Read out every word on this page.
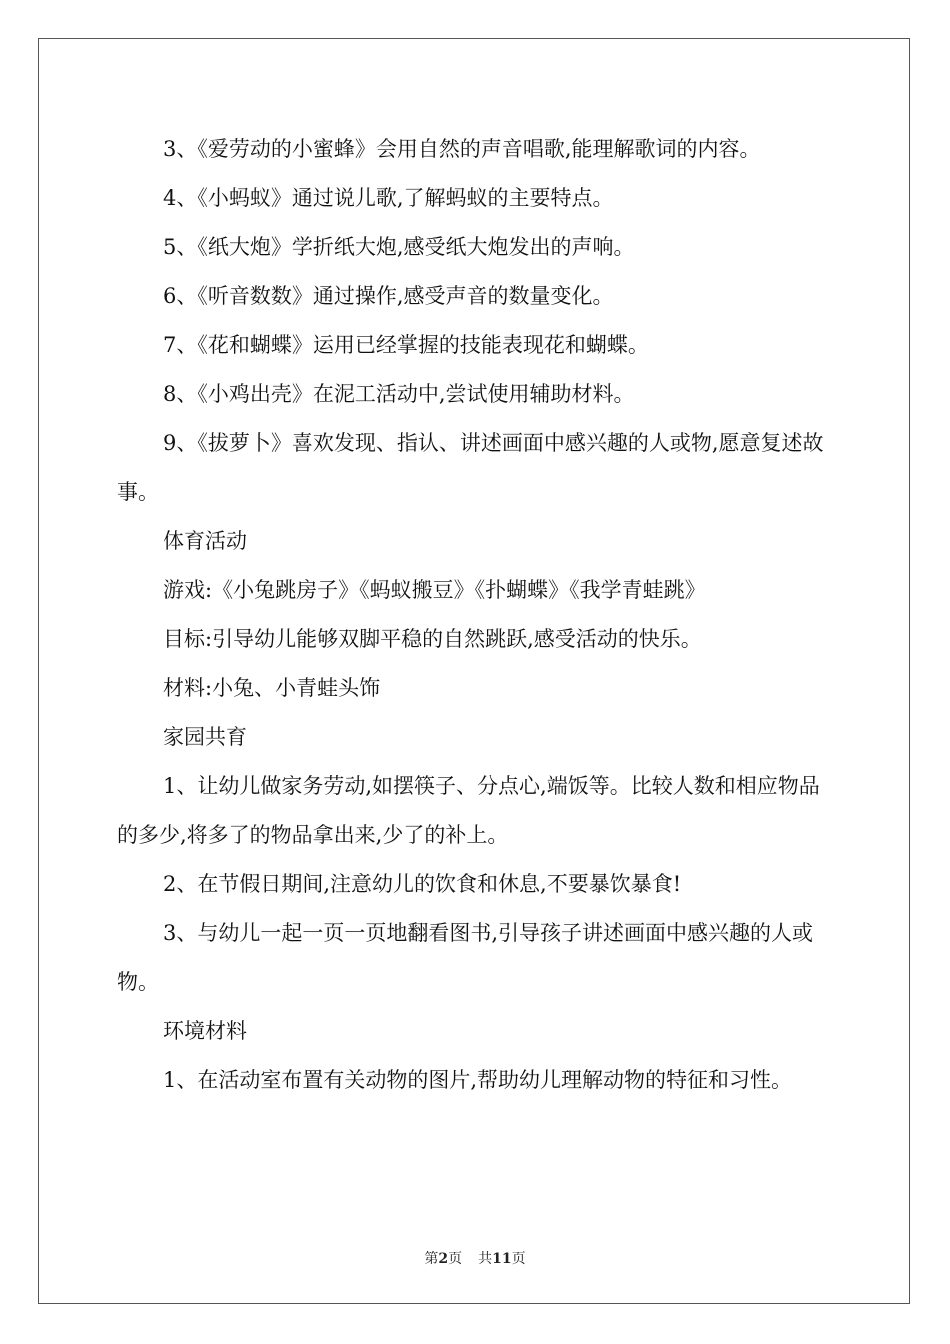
3、《爱劳动的小蜜蜂》会用自然的声音唱歌,能理解歌词的内容。

4、《小蚂蚁》通过说儿歌,了解蚂蚁的主要特点。

5、《纸大炮》学折纸大炮,感受纸大炮发出的声响。

6、《听音数数》通过操作,感受声音的数量变化。

7、《花和蝴蝶》运用已经掌握的技能表现花和蝴蝶。

8、《小鸡出壳》在泥工活动中,尝试使用辅助材料。

9、《拔萝卜》喜欢发现、指认、讲述画面中感兴趣的人或物,愿意复述故事。

体育活动

游戏:《小兔跳房子》《蚂蚁搬豆》《扑蝴蝶》《我学青蛙跳》

目标:引导幼儿能够双脚平稳的自然跳跃,感受活动的快乐。

材料:小兔、小青蛙头饰

家园共育

1、让幼儿做家务劳动,如摆筷子、分点心,端饭等。比较人数和相应物品的多少,将多了的物品拿出来,少了的补上。

2、在节假日期间,注意幼儿的饮食和休息,不要暴饮暴食!

3、与幼儿一起一页一页地翻看图书,引导孩子讲述画面中感兴趣的人或物。

环境材料

1、在活动室布置有关动物的图片,帮助幼儿理解动物的特征和习性。

第2页 共11页
